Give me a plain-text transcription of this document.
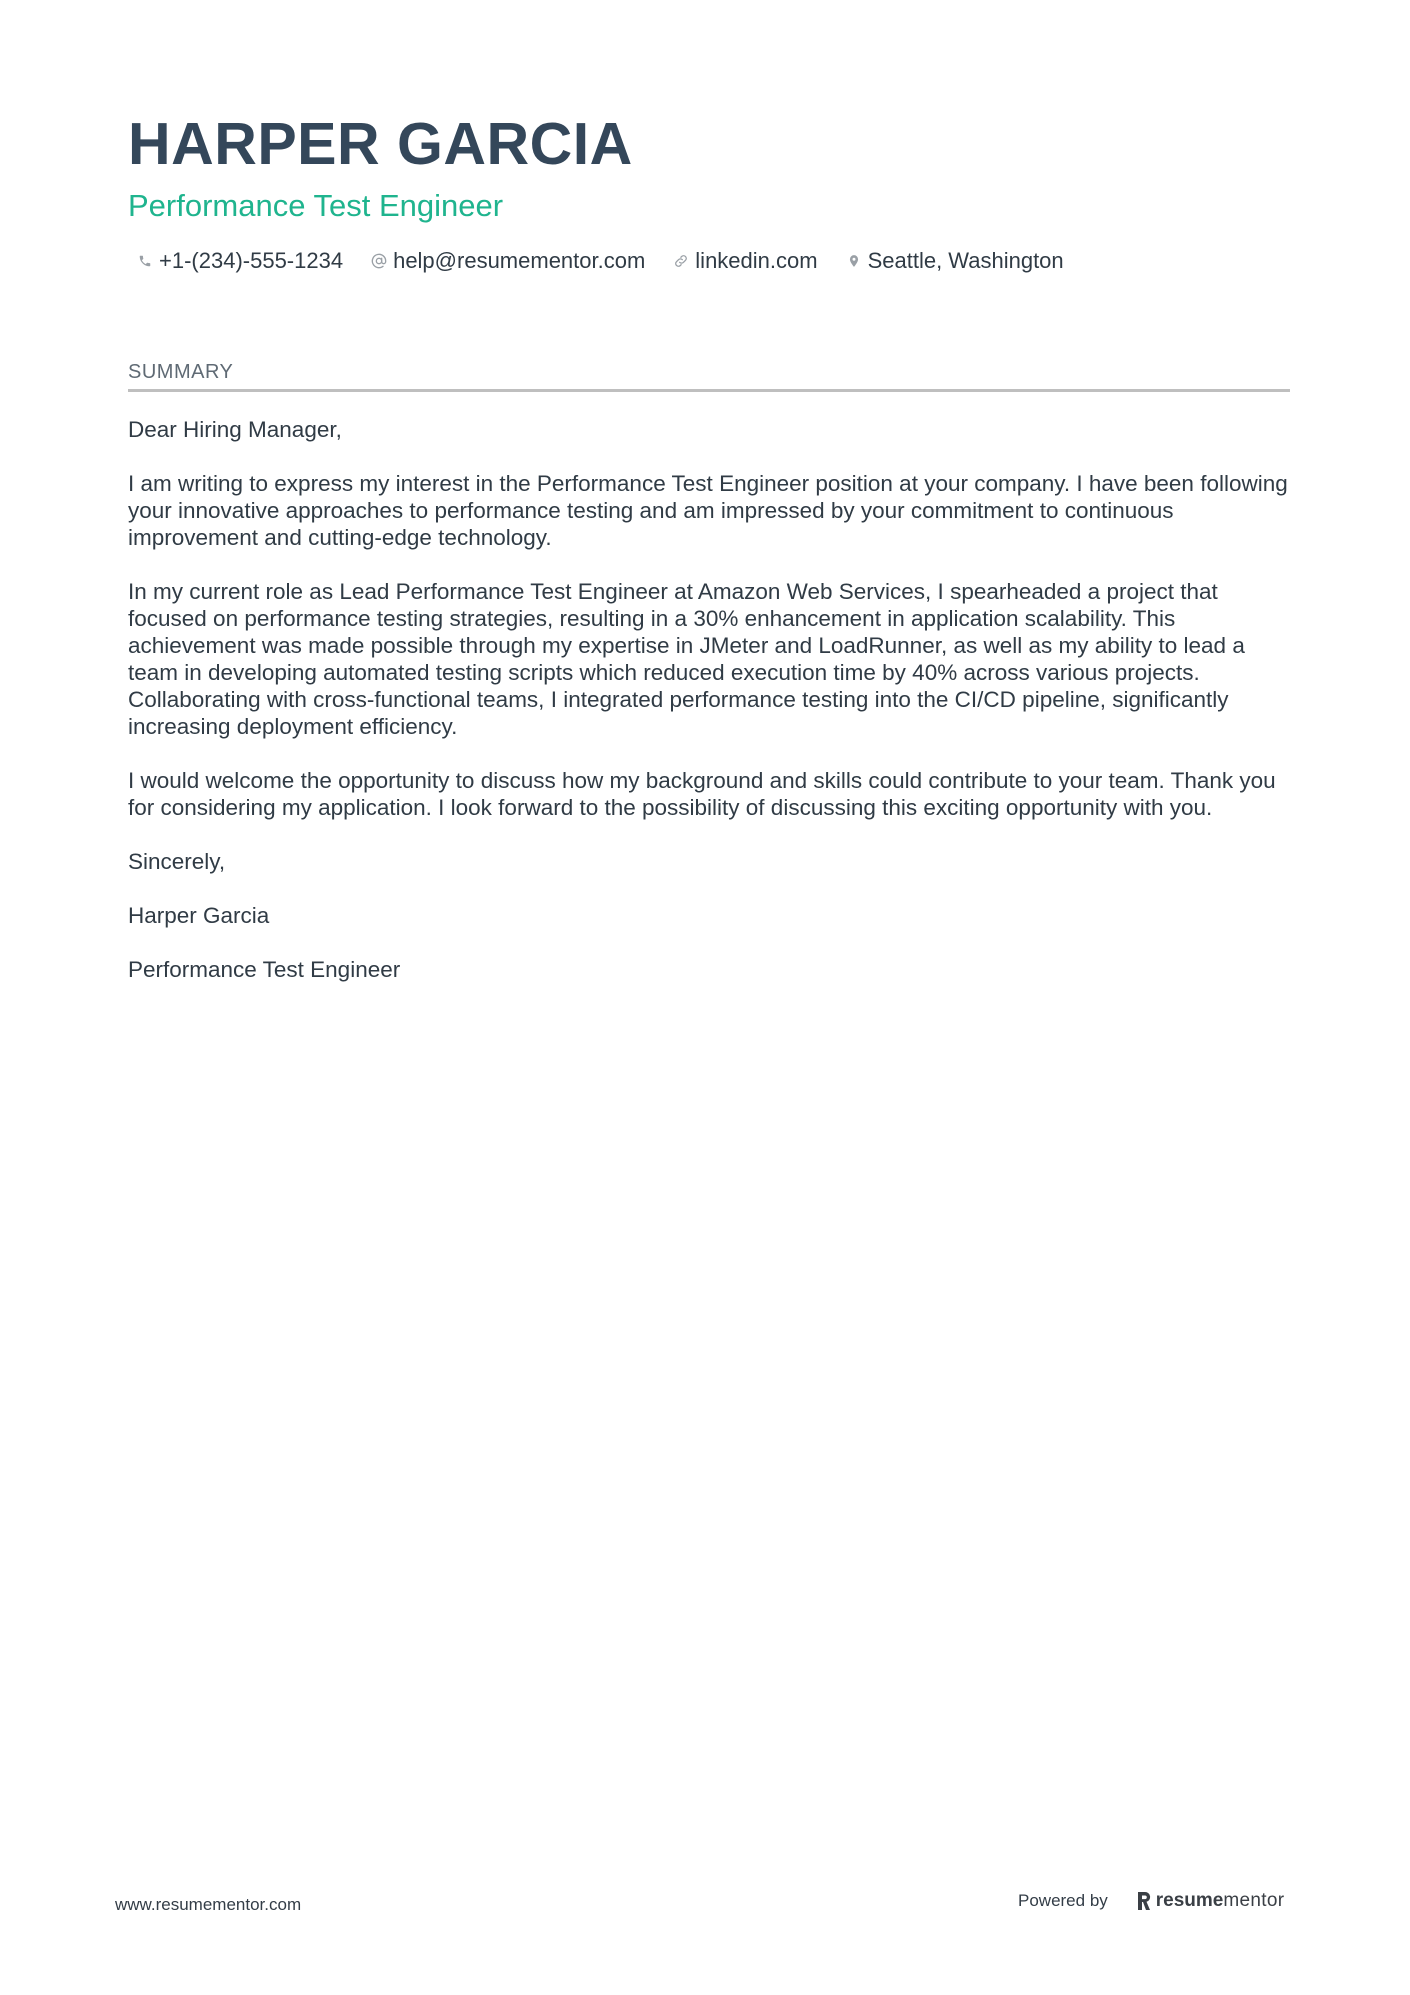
HARPER GARCIA
Performance Test Engineer
+1-(234)-555-1234 help@resumementor.com linkedin.com Seattle, Washington
SUMMARY

Dear Hiring Manager,

I am writing to express my interest in the Performance Test Engineer position at your company. I have been following your innovative approaches to performance testing and am impressed by your commitment to continuous improvement and cutting-edge technology.

In my current role as Lead Performance Test Engineer at Amazon Web Services, I spearheaded a project that focused on performance testing strategies, resulting in a 30% enhancement in application scalability. This achievement was made possible through my expertise in JMeter and LoadRunner, as well as my ability to lead a team in developing automated testing scripts which reduced execution time by 40% across various projects. Collaborating with cross-functional teams, I integrated performance testing into the CI/CD pipeline, significantly increasing deployment efficiency.

I would welcome the opportunity to discuss how my background and skills could contribute to your team. Thank you for considering my application. I look forward to the possibility of discussing this exciting opportunity with you.

Sincerely,

Harper Garcia

Performance Test Engineer

www.resumementor.com	Powered by	resume mentor
